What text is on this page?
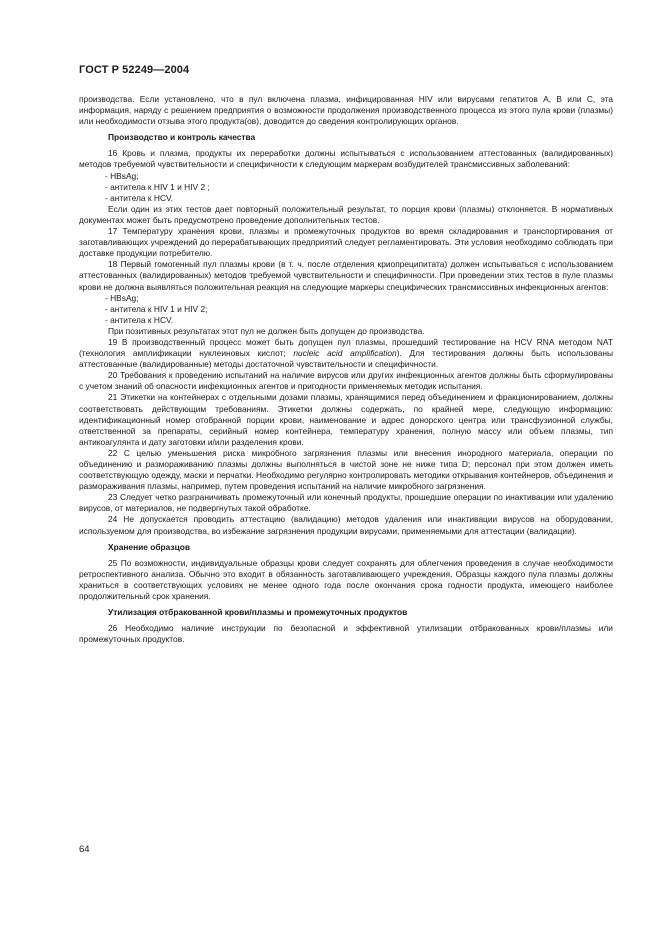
ГОСТ Р 52249—2004

производства. Если установлено, что в пул включена плазма, инфицированная HIV или вирусами гепатитов А, В или С, эта информация, наряду с решением предприятия о возможности продолжения производственного процесса из этого пула крови (плазмы) или необходимости отзыва этого продукта(ов), доводится до сведения контролирующих органов.

Производство и контроль качества

16 Кровь и плазма, продукты их переработки должны испытываться с использованием аттестованных (валидированных) методов требуемой чувствительности и специфичности к следующим маркерам возбудителей трансмиссивных заболеваний:

- HBsAg;
- антитела к HIV 1 и HIV 2 ;
- антитела к HCV.

Если один из этих тестов дает повторный положительный результат, то порция крови (плазмы) отклоняется. В нормативных документах может быть предусмотрено проведение дополнительных тестов.

17 Температуру хранения крови, плазмы и промежуточных продуктов во время складирования и транспортирования от заготавливающих учреждений до перерабатывающих предприятий следует регламентировать. Эти условия необходимо соблюдать при доставке продукции потребителю.

18 Первый гомогенный пул плазмы крови (в т. ч. после отделения криопреципитата) должен испытываться с использованием аттестованных (валидированных) методов требуемой чувствительности и специфичности. При проведении этих тестов в пуле плазмы крови не должна выявляться положительная реакция на следующие маркеры специфических трансмиссивных инфекционных агентов:

- HBsAg;
- антитела к HIV 1 и HIV 2;
- антитела к HCV.

При позитивных результатах этот пул не должен быть допущен до производства.

19 В производственный процесс может быть допущен пул плазмы, прошедший тестирование на HCV RNA методом NAT (технология амплификации нуклеиновых кислот; nucleic acid amplification). Для тестирования должны быть использованы аттестованные (валидированные) методы достаточной чувствительности и специфичности.

20 Требования к проведению испытаний на наличие вирусов или других инфекционных агентов должны быть сформулированы с учетом знаний об опасности инфекционных агентов и пригодности применяемых методик испытания.

21 Этикетки на контейнерах с отдельными дозами плазмы, хранящимися перед объединением и фракционированием, должны соответствовать действующим требованиям. Этикетки должны содержать, по крайней мере, следующую информацию: идентификационный номер отобранной порции крови, наименование и адрес донорского центра или трансфузионной службы, ответственной за препараты, серийный номер контейнера, температуру хранения, полную массу или объем плазмы, тип антикоагулянта и дату заготовки и/или разделения крови.

22 С целью уменьшения риска микробного загрязнения плазмы или внесения инородного материала, операции по объединению и размораживанию плазмы должны выполняться в чистой зоне не ниже типа D; персонал при этом должен иметь соответствующую одежду, маски и перчатки. Необходимо регулярно контролировать методики открывания контейнеров, объединения и размораживания плазмы, например, путем проведения испытаний на наличие микробного загрязнения.

23 Следует четко разграничивать промежуточный или конечный продукты, прошедшие операции по инактивации или удалению вирусов, от материалов, не подвергнутых такой обработке.

24 Не допускается проводить аттестацию (валидацию) методов удаления или инактивации вирусов на оборудовании, используемом для производства, во избежание загрязнения продукции вирусами, применяемыми для аттестации (валидации).

Хранение образцов

25 По возможности, индивидуальные образцы крови следует сохранять для облегчения проведения в случае необходимости ретроспективного анализа. Обычно это входит в обязанность заготавливающего учреждения. Образцы каждого пула плазмы должны храниться в соответствующих условиях не менее одного года после окончания срока годности продукта, имеющего наиболее продолжительный срок хранения.

Утилизация отбракованной крови/плазмы и промежуточных продуктов

26 Необходимо наличие инструкции по безопасной и эффективной утилизации отбракованных крови/плазмы или промежуточных продуктов.

64
